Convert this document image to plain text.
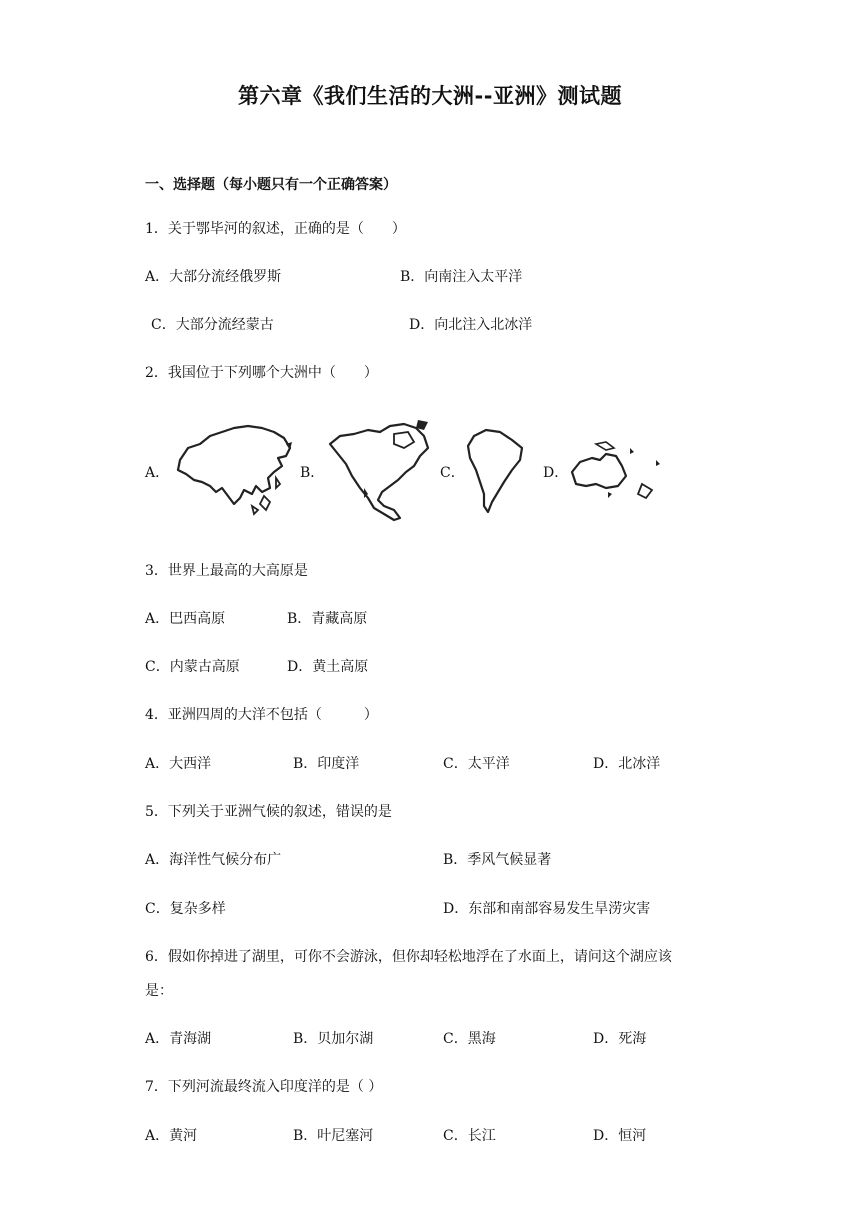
第六章《我们生活的大洲--亚洲》测试题
一、选择题（每小题只有一个正确答案）
1．关于鄂毕河的叙述，正确的是（　　）
A．大部分流经俄罗斯	B．向南注入太平洋
C．大部分流经蒙古	D．向北注入北冰洋
2．我国位于下列哪个大洲中（　　）
A．	B．	C．	D．
3．世界上最高的大高原是
A．巴西高原	B．青藏高原
C．内蒙古高原	D．黄土高原
4．亚洲四周的大洋不包括（　　　）
A．大西洋	B．印度洋	C．太平洋	D．北冰洋
5．下列关于亚洲气候的叙述，错误的是
A．海洋性气候分布广	B．季风气候显著
C．复杂多样	D．东部和南部容易发生旱涝灾害
6．假如你掉进了湖里，可你不会游泳，但你却轻松地浮在了水面上，请问这个湖应该
是：
A．青海湖	B．贝加尔湖	C．黑海	D．死海
7．下列河流最终流入印度洋的是（ ）
A．黄河	B．叶尼塞河	C．长江	D．恒河
